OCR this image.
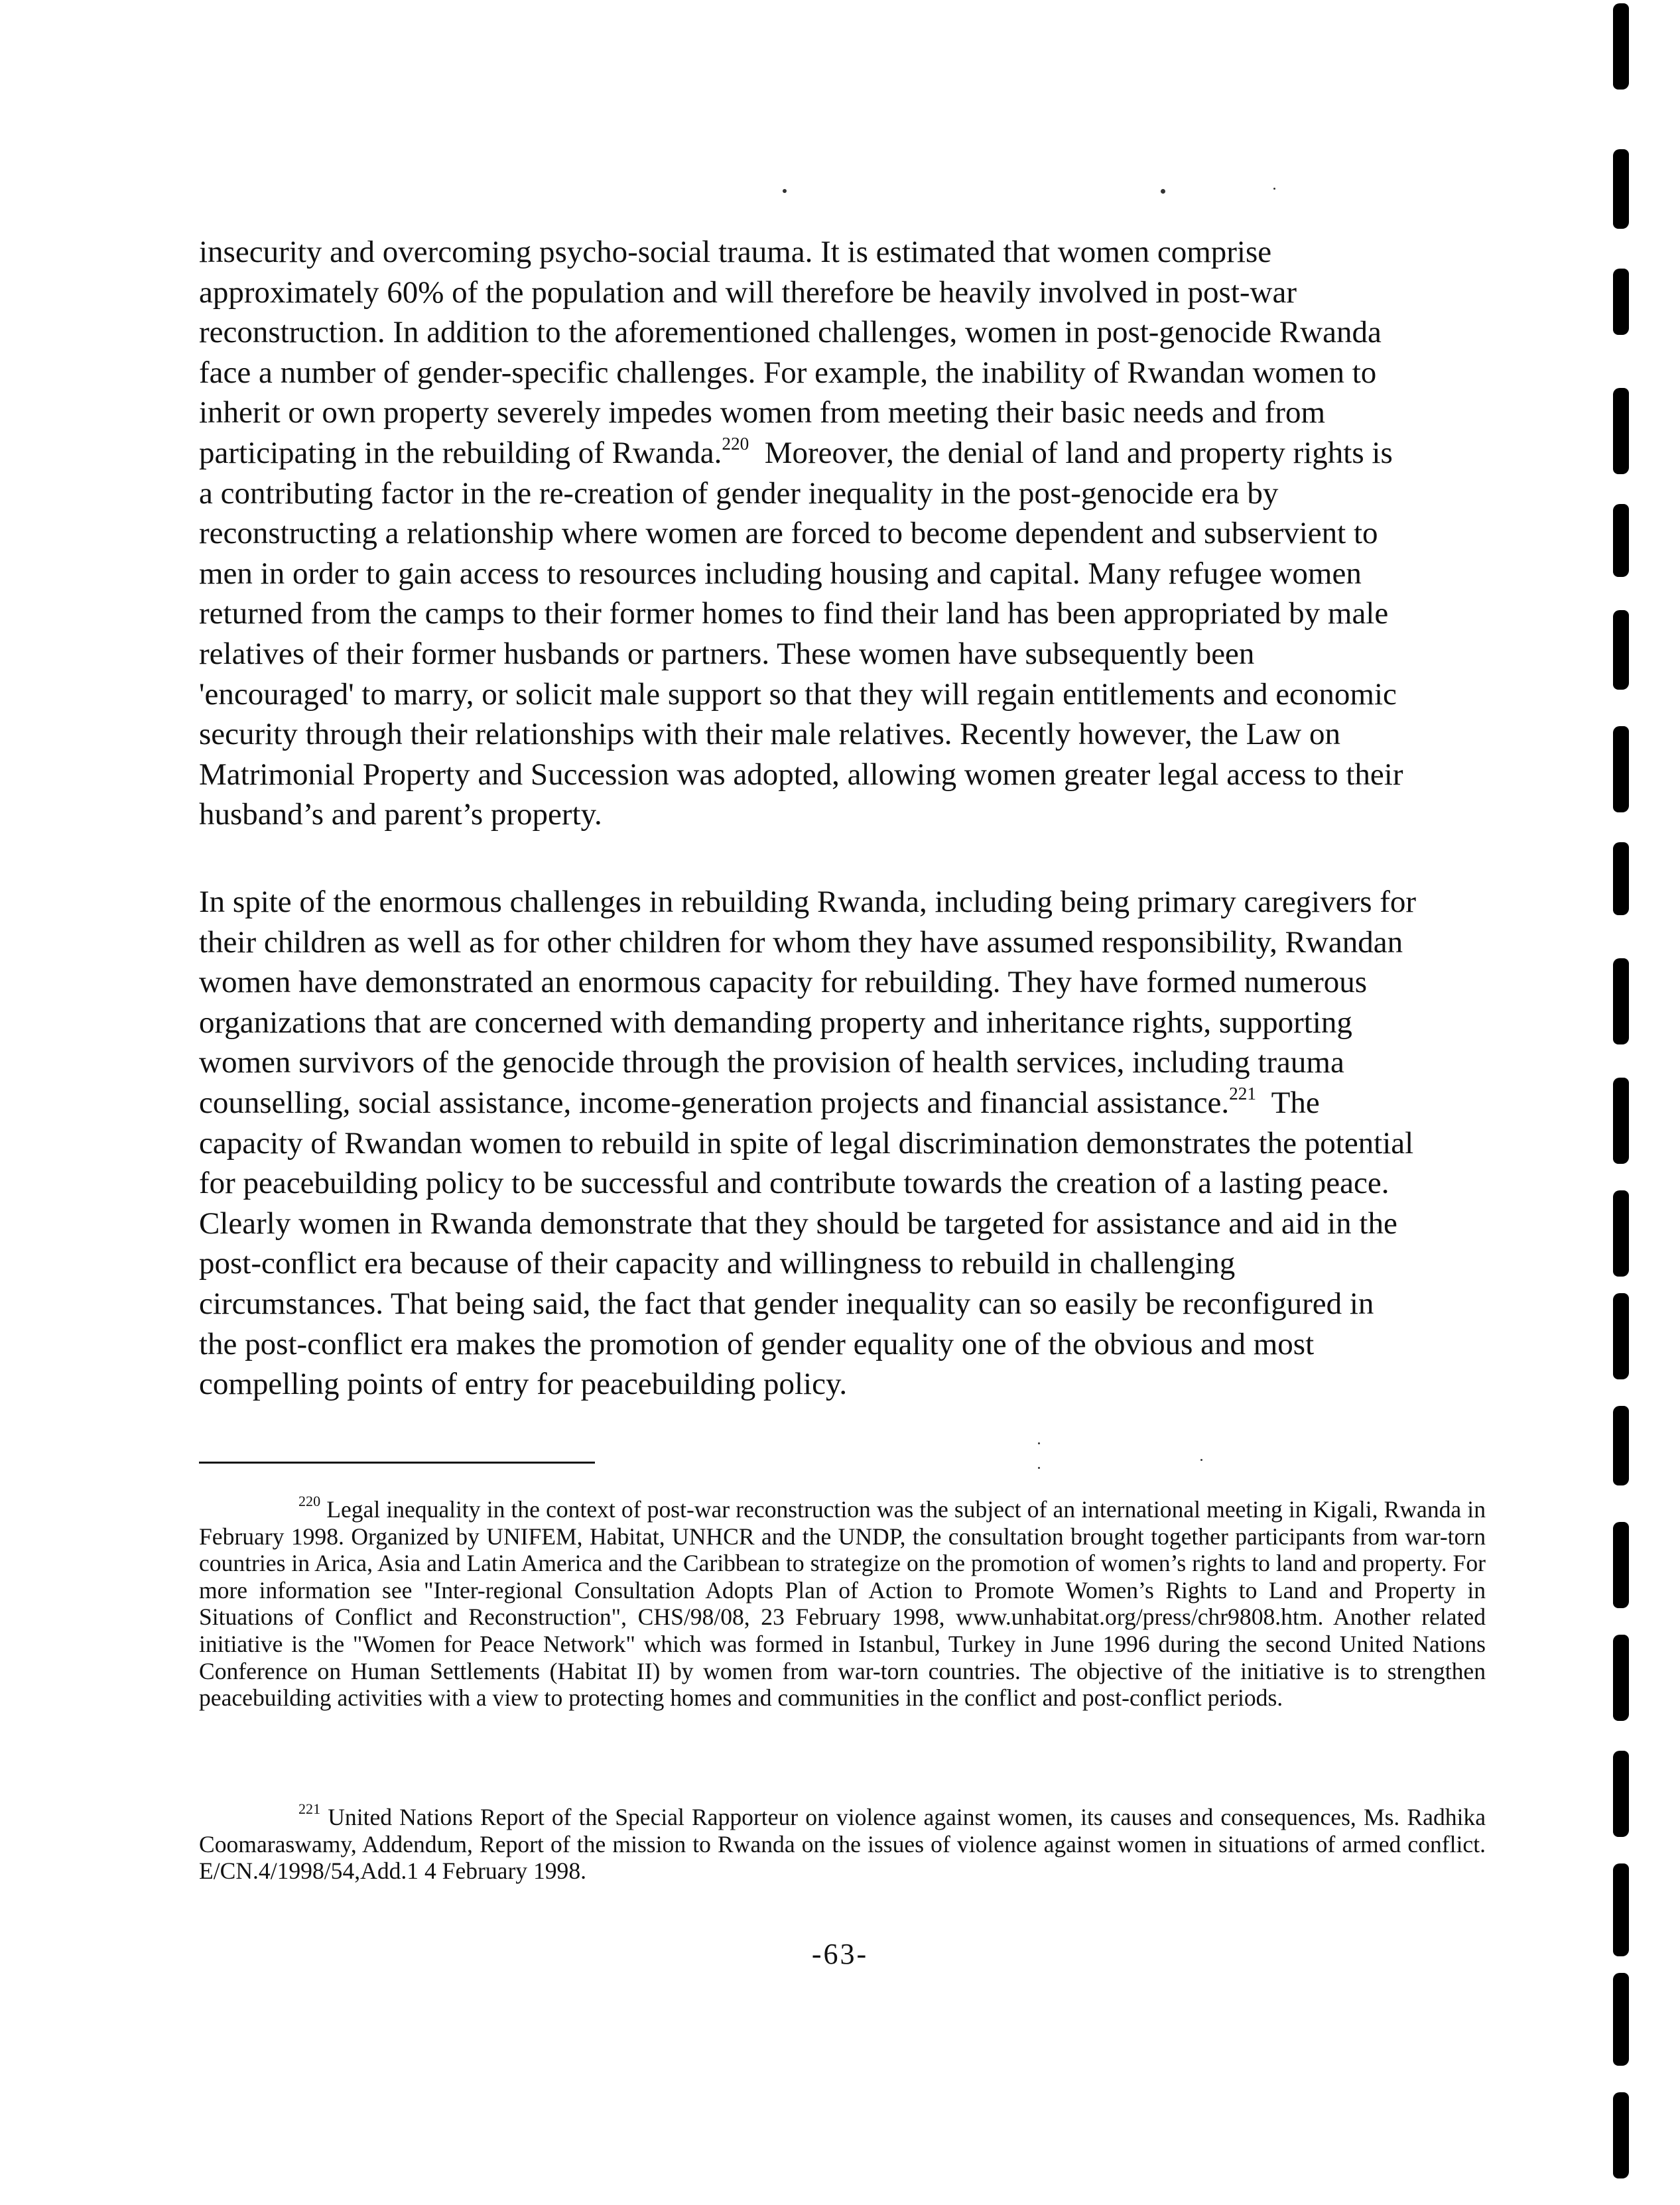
insecurity and overcoming psycho-social trauma. It is estimated that women comprise
approximately 60% of the population and will therefore be heavily involved in post-war
reconstruction. In addition to the aforementioned challenges, women in post-genocide Rwanda
face a number of gender-specific challenges. For example, the inability of Rwandan women to
inherit or own property severely impedes women from meeting their basic needs and from
participating in the rebuilding of Rwanda.$^{220}$  Moreover, the denial of land and property rights is
a contributing factor in the re-creation of gender inequality in the post-genocide era by
reconstructing a relationship where women are forced to become dependent and subservient to
men in order to gain access to resources including housing and capital. Many refugee women
returned from the camps to their former homes to find their land has been appropriated by male
relatives of their former husbands or partners. These women have subsequently been
'encouraged' to marry, or solicit male support so that they will regain entitlements and economic
security through their relationships with their male relatives. Recently however, the Law on
Matrimonial Property and Succession was adopted, allowing women greater legal access to their
husband’s and parent’s property.
In spite of the enormous challenges in rebuilding Rwanda, including being primary caregivers for
their children as well as for other children for whom they have assumed responsibility, Rwandan
women have demonstrated an enormous capacity for rebuilding. They have formed numerous
organizations that are concerned with demanding property and inheritance rights, supporting
women survivors of the genocide through the provision of health services, including trauma
counselling, social assistance, income-generation projects and financial assistance.$^{221}$  The
capacity of Rwandan women to rebuild in spite of legal discrimination demonstrates the potential
for peacebuilding policy to be successful and contribute towards the creation of a lasting peace.
Clearly women in Rwanda demonstrate that they should be targeted for assistance and aid in the
post-conflict era because of their capacity and willingness to rebuild in challenging
circumstances. That being said, the fact that gender inequality can so easily be reconfigured in
the post-conflict era makes the promotion of gender equality one of the obvious and most
compelling points of entry for peacebuilding policy.
$^{220}$ Legal inequality in the context of post-war reconstruction was the subject of an international meeting in Kigali, Rwanda in February 1998. Organized by UNIFEM, Habitat, UNHCR and the UNDP, the consultation brought together participants from war-torn countries in Arica, Asia and Latin America and the Caribbean to strategize on the promotion of women’s rights to land and property. For more information see "Inter-regional Consultation Adopts Plan of Action to Promote Women’s Rights to Land and Property in Situations of Conflict and Reconstruction", CHS/98/08, 23 February 1998, www.unhabitat.org/press/chr9808.htm. Another related initiative is the "Women for Peace Network" which was formed in Istanbul, Turkey in June 1996 during the second United Nations Conference on Human Settlements (Habitat II) by women from war-torn countries. The objective of the initiative is to strengthen peacebuilding activities with a view to protecting homes and communities in the conflict and post-conflict periods.
$^{221}$ United Nations Report of the Special Rapporteur on violence against women, its causes and consequences, Ms. Radhika Coomaraswamy, Addendum, Report of the mission to Rwanda on the issues of violence against women in situations of armed conflict. E/CN.4/1998/54,Add.1 4 February 1998.
-63-
